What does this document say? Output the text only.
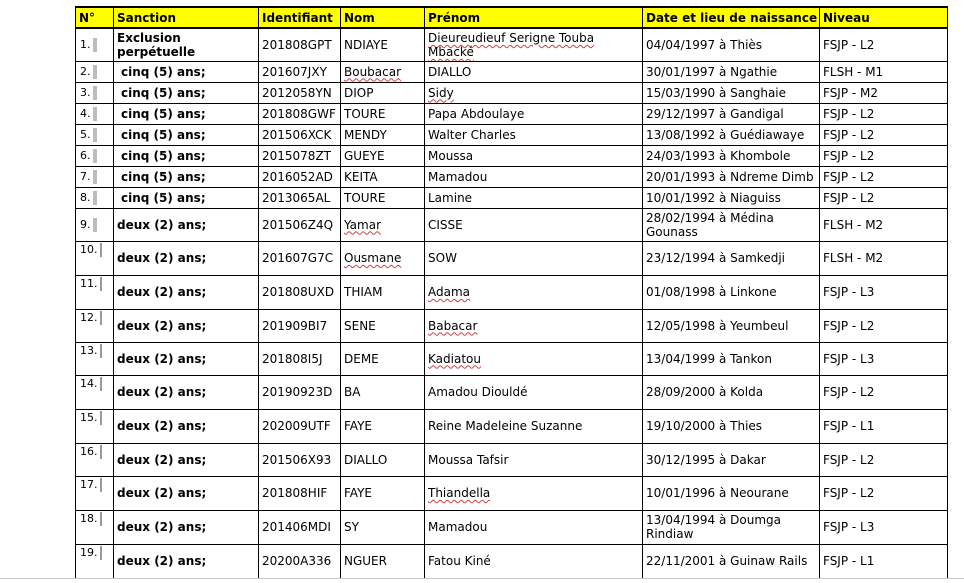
N°	Sanction	Identifiant	Nom	Prénom	Date et lieu de naissance	Niveau
1.	Exclusion perpétuelle	201808GPT	NDIAYE	Dieureudieuf Serigne Touba Mbacké	04/04/1997 à Thiès	FSJP - L2
2.	cinq (5) ans;	201607JXY	Boubacar	DIALLO	30/01/1997 à Ngathie	FLSH - M1
3.	cinq (5) ans;	2012058YN	DIOP	Sidy	15/03/1990 à Sanghaie	FSJP - M2
4.	cinq (5) ans;	201808GWF	TOURE	Papa Abdoulaye	29/12/1997 à Gandigal	FSJP - L2
5.	cinq (5) ans;	201506XCK	MENDY	Walter Charles	13/08/1992 à Guédiawaye	FSJP - L2
6.	cinq (5) ans;	2015078ZT	GUEYE	Moussa	24/03/1993 à Khombole	FSJP - L2
7.	cinq (5) ans;	2016052AD	KEITA	Mamadou	20/01/1993 à Ndreme Dimb	FSJP - L2
8.	cinq (5) ans;	2013065AL	TOURE	Lamine	10/01/1992 à Niaguiss	FSJP - L2
9.	deux (2) ans;	201506Z4Q	Yamar	CISSE	28/02/1994 à Médina Gounass	FLSH - M2
10.	deux (2) ans;	201607G7C	Ousmane	SOW	23/12/1994 à Samkedji	FLSH - M2
11.	deux (2) ans;	201808UXD	THIAM	Adama	01/08/1998 à Linkone	FSJP - L3
12.	deux (2) ans;	201909BI7	SENE	Babacar	12/05/1998 à Yeumbeul	FSJP - L2
13.	deux (2) ans;	201808I5J	DEME	Kadiatou	13/04/1999 à Tankon	FSJP - L3
14.	deux (2) ans;	20190923D	BA	Amadou Diouldé	28/09/2000 à Kolda	FSJP - L2
15.	deux (2) ans;	202009UTF	FAYE	Reine Madeleine Suzanne	19/10/2000 à Thies	FSJP - L1
16.	deux (2) ans;	201506X93	DIALLO	Moussa Tafsir	30/12/1995 à Dakar	FSJP - L2
17.	deux (2) ans;	201808HIF	FAYE	Thiandella	10/01/1996 à Neourane	FSJP - L2
18.	deux (2) ans;	201406MDI	SY	Mamadou	13/04/1994 à Doumga Rindiaw	FSJP - L3
19.	deux (2) ans;	20200A336	NGUER	Fatou Kiné	22/11/2001 à Guinaw Rails	FSJP - L1
